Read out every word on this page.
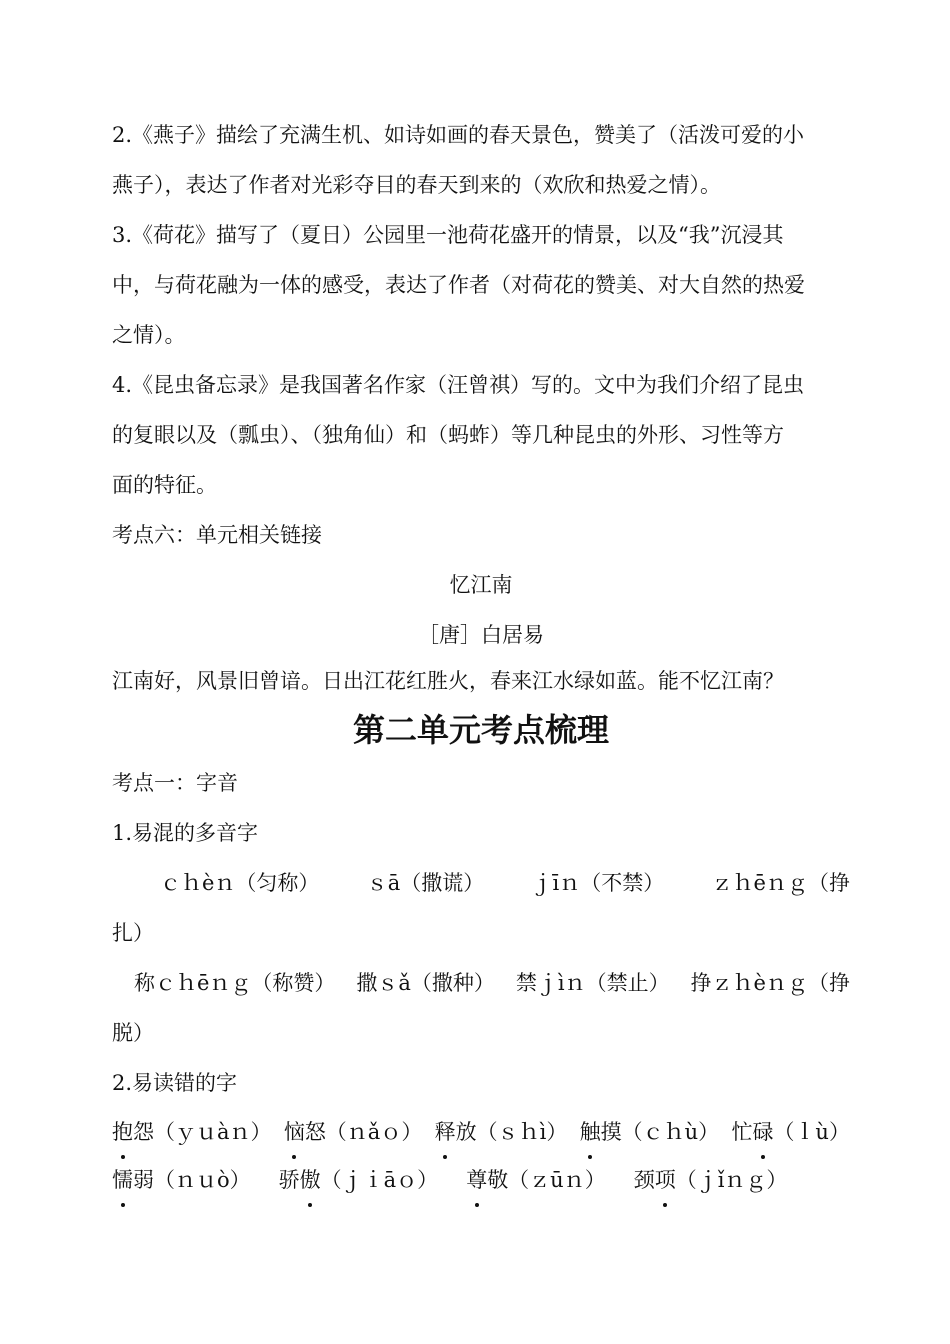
2.《燕子》描绘了充满生机、如诗如画的春天景色，赞美了（活泼可爱的小
燕子），表达了作者对光彩夺目的春天到来的（欢欣和热爱之情）。
3.《荷花》描写了（夏日）公园里一池荷花盛开的情景，以及“我”沉浸其
中，与荷花融为一体的感受，表达了作者（对荷花的赞美、对大自然的热爱
之情）。
4.《昆虫备忘录》是我国著名作家（汪曾祺）写的。文中为我们介绍了昆虫
的复眼以及（瓢虫）、（独角仙）和（蚂蚱）等几种昆虫的外形、习性等方
面的特征。
考点六：单元相关链接
忆江南
［唐］白居易
江南好，风景旧曾谙。日出江花红胜火，春来江水绿如蓝。能不忆江南？
第二单元考点梳理
考点一：字音
1.易混的多音字
ｃｈèｎ（匀称） ｓā（撒谎） ｊīｎ（不禁） ｚｈēｎｇ（挣
扎）
称ｃｈēｎｇ（称赞） 撒ｓǎ（撒种） 禁ｊìｎ（禁止） 挣ｚｈèｎｇ（挣
脱）
2.易读错的字
抱怨（ｙｕàｎ） 恼怒（ｎǎｏ） 释放（ｓｈì） 触摸（ｃｈù） 忙碌（ｌù）
懦弱（ｎｕò） 骄傲（ｊｉāｏ） 尊敬（ｚūｎ） 颈项（ｊǐｎｇ）
